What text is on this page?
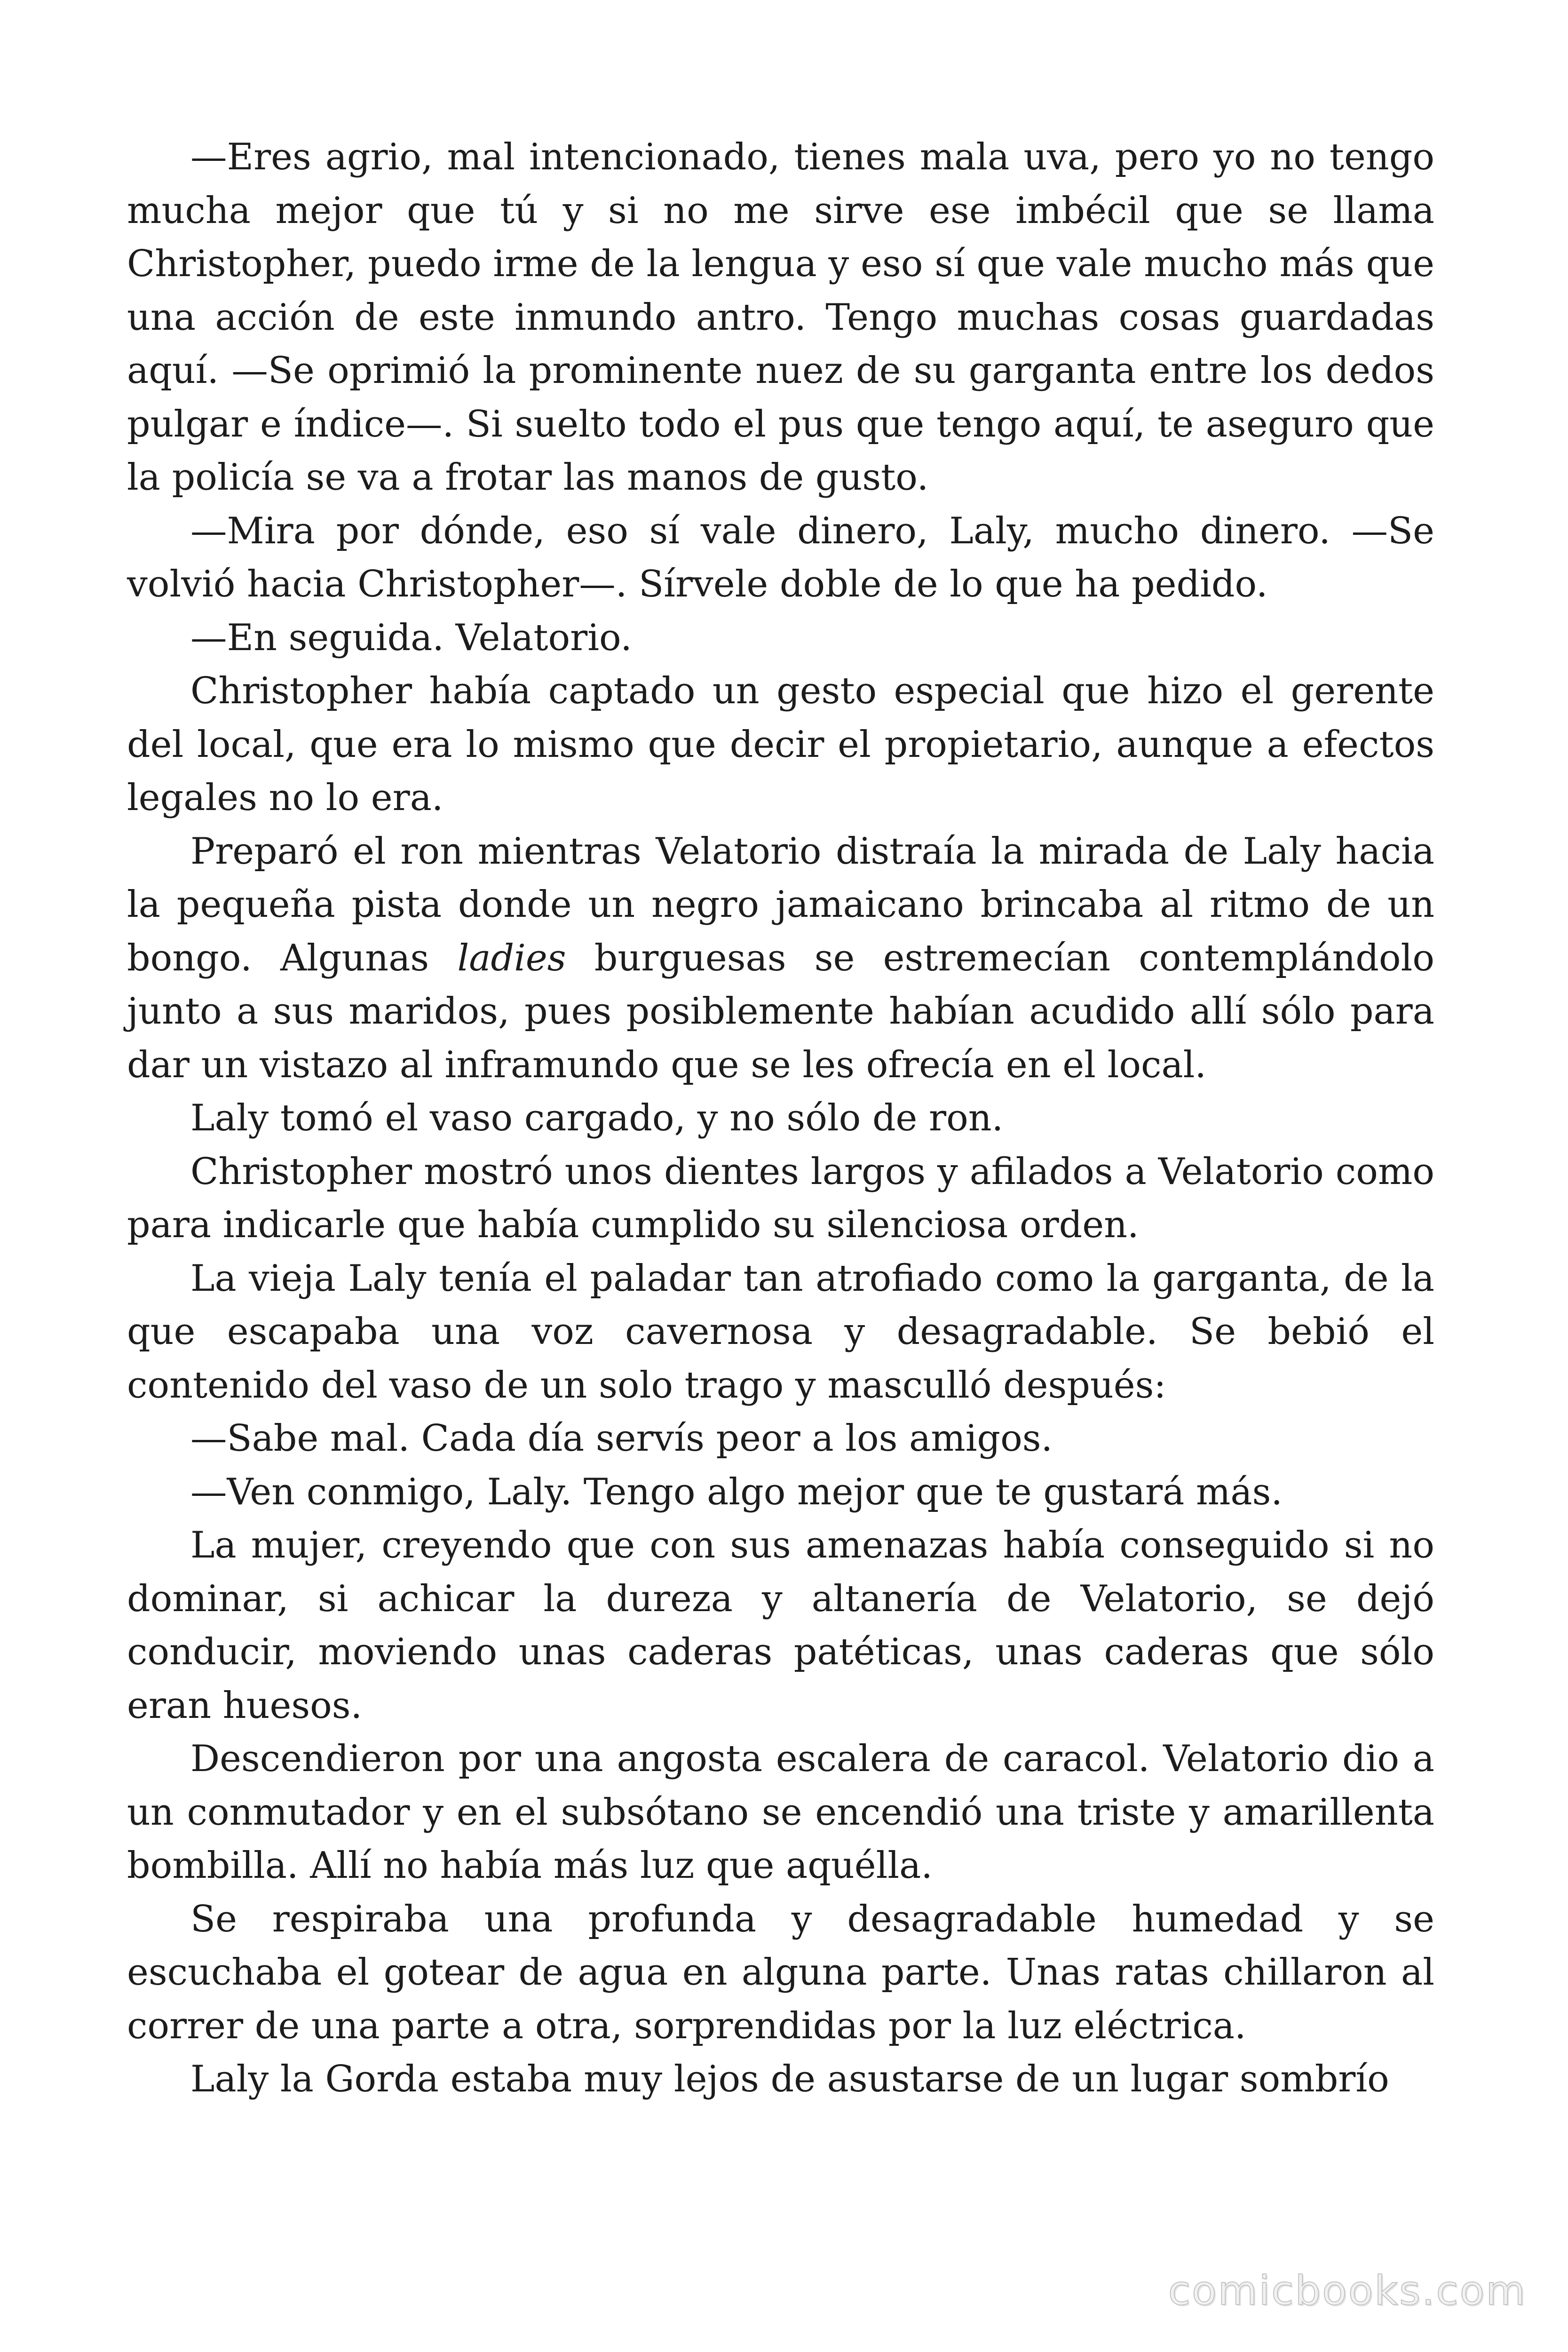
—Eres agrio, mal intencionado, tienes mala uva, pero yo no tengo mucha mejor que tú y si no me sirve ese imbécil que se llama Christopher, puedo irme de la lengua y eso sí que vale mucho más que una acción de este inmundo antro. Tengo muchas cosas guardadas aquí. —Se oprimió la prominente nuez de su garganta entre los dedos pulgar e índice—. Si suelto todo el pus que tengo aquí, te aseguro que la policía se va a frotar las manos de gusto.

—Mira por dónde, eso sí vale dinero, Laly, mucho dinero. —Se volvió hacia Christopher—. Sírvele doble de lo que ha pedido.

—En seguida. Velatorio.

Christopher había captado un gesto especial que hizo el gerente del local, que era lo mismo que decir el propietario, aunque a efectos legales no lo era.

Preparó el ron mientras Velatorio distraía la mirada de Laly hacia la pequeña pista donde un negro jamaicano brincaba al ritmo de un bongo. Algunas ladies burguesas se estremecían contemplándolo junto a sus maridos, pues posiblemente habían acudido allí sólo para dar un vistazo al inframundo que se les ofrecía en el local.

Laly tomó el vaso cargado, y no sólo de ron.

Christopher mostró unos dientes largos y afilados a Velatorio como para indicarle que había cumplido su silenciosa orden.

La vieja Laly tenía el paladar tan atrofiado como la garganta, de la que escapaba una voz cavernosa y desagradable. Se bebió el contenido del vaso de un solo trago y masculló después:

—Sabe mal. Cada día servís peor a los amigos.

—Ven conmigo, Laly. Tengo algo mejor que te gustará más.

La mujer, creyendo que con sus amenazas había conseguido si no dominar, si achicar la dureza y altanería de Velatorio, se dejó conducir, moviendo unas caderas patéticas, unas caderas que sólo eran huesos.

Descendieron por una angosta escalera de caracol. Velatorio dio a un conmutador y en el subsótano se encendió una triste y amarillenta bombilla. Allí no había más luz que aquélla.

Se respiraba una profunda y desagradable humedad y se escuchaba el gotear de agua en alguna parte. Unas ratas chillaron al correr de una parte a otra, sorprendidas por la luz eléctrica.

Laly la Gorda estaba muy lejos de asustarse de un lugar sombrío

comicbooks.com
